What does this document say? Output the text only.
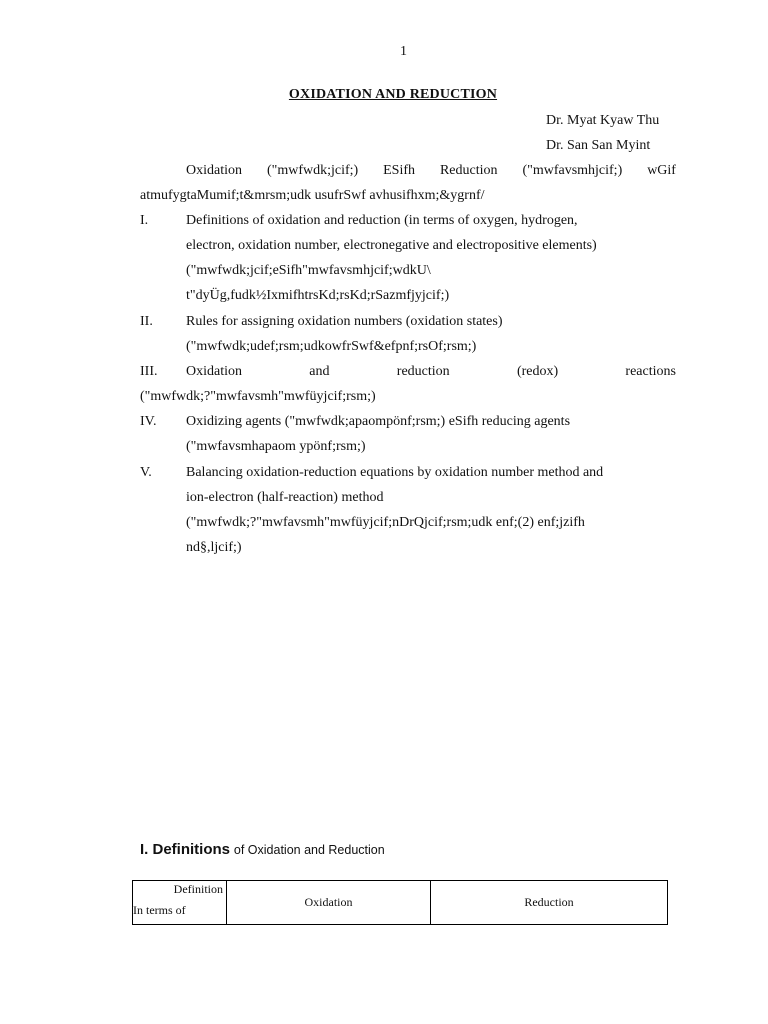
1
OXIDATION AND REDUCTION
Dr. Myat Kyaw Thu
Dr. San San Myint
Oxidation ("mwfwdk;jcif;) ESifh Reduction ("mwfavsmhjcif;) wGif
atmufygtaMumif;t&mrsm;udk usufrSwf avhusifhxm;&ygrnf/
I.	Definitions of oxidation and reduction (in terms of oxygen, hydrogen,
electron, oxidation number, electronegative and electropositive elements)
("mwfwdk;jcif;eSifh"mwfavsmhjcif;wdkU\
t"dyÜg,fudk½IxmifhtrsKd;rsKd;rSazmfjyjcif;)
II. Rules for assigning oxidation numbers (oxidation states)
("mwfwdk;udef;rsm;udkowfrSwf&efpnf;rsOf;rsm;)
III.	Oxidation	and	reduction	(redox)	reactions
("mwfwdk;?"mwfavsmh"mwfüyjcif;rsm;)
IV. Oxidizing agents ("mwfwdk;apaompönf;rsm;) eSifh reducing agents
("mwfavsmhapaom ypönf;rsm;)
V. Balancing oxidation-reduction equations by oxidation number method and
ion-electron (half-reaction) method
("mwfwdk;?"mwfavsmh"mwfüyjcif;nDrQjcif;rsm;udk enf;(2) enf;jzifh
nd§,ljcif;)
I. Definitions of Oxidation and Reduction
Definition
In terms of
	Oxidation	Reduction
